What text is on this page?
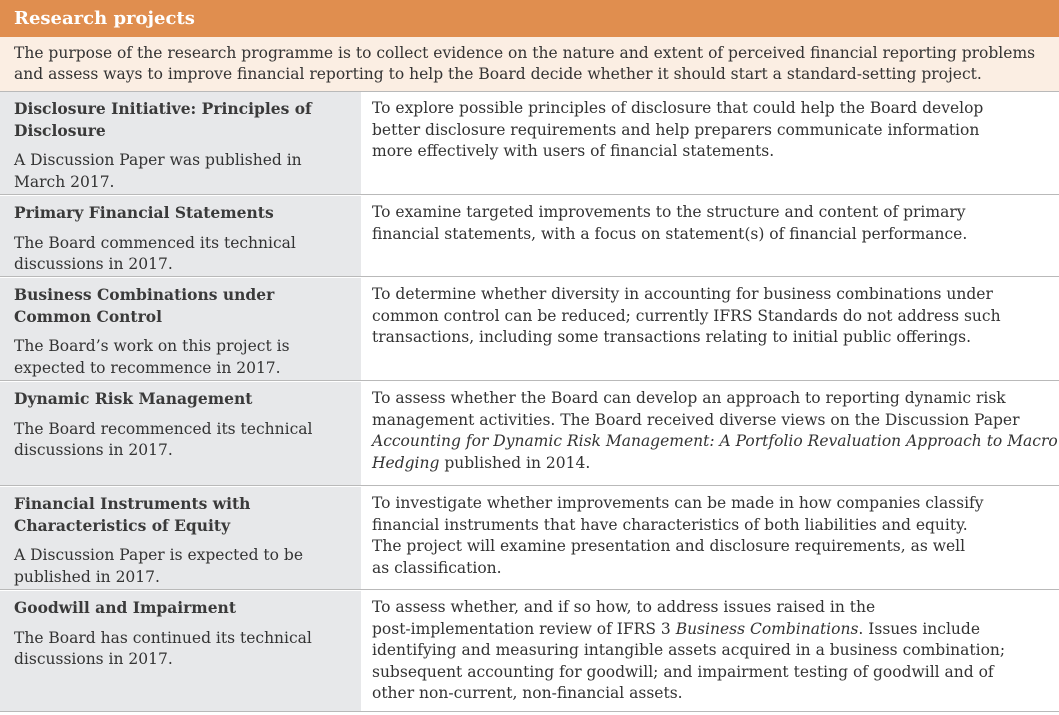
Research projects
The purpose of the research programme is to collect evidence on the nature and extent of perceived financial reporting problems
and assess ways to improve financial reporting to help the Board decide whether it should start a standard-setting project.
Disclosure Initiative: Principles of
Disclosure
A Discussion Paper was published in
March 2017.
To explore possible principles of disclosure that could help the Board develop
better disclosure requirements and help preparers communicate information
more effectively with users of financial statements.
Primary Financial Statements
The Board commenced its technical
discussions in 2017.
To examine targeted improvements to the structure and content of primary
financial statements, with a focus on statement(s) of financial performance.
Business Combinations under
Common Control
The Board’s work on this project is
expected to recommence in 2017.
To determine whether diversity in accounting for business combinations under
common control can be reduced; currently IFRS Standards do not address such
transactions, including some transactions relating to initial public offerings.
Dynamic Risk Management
The Board recommenced its technical
discussions in 2017.
To assess whether the Board can develop an approach to reporting dynamic risk
management activities. The Board received diverse views on the Discussion Paper
Accounting for Dynamic Risk Management: A Portfolio Revaluation Approach to Macro
Hedging published in 2014.
Financial Instruments with
Characteristics of Equity
A Discussion Paper is expected to be
published in 2017.
To investigate whether improvements can be made in how companies classify
financial instruments that have characteristics of both liabilities and equity.
The project will examine presentation and disclosure requirements, as well
as classification.
Goodwill and Impairment
The Board has continued its technical
discussions in 2017.
To assess whether, and if so how, to address issues raised in the
post-implementation review of IFRS 3 Business Combinations. Issues include
identifying and measuring intangible assets acquired in a business combination;
subsequent accounting for goodwill; and impairment testing of goodwill and of
other non-current, non-financial assets.
